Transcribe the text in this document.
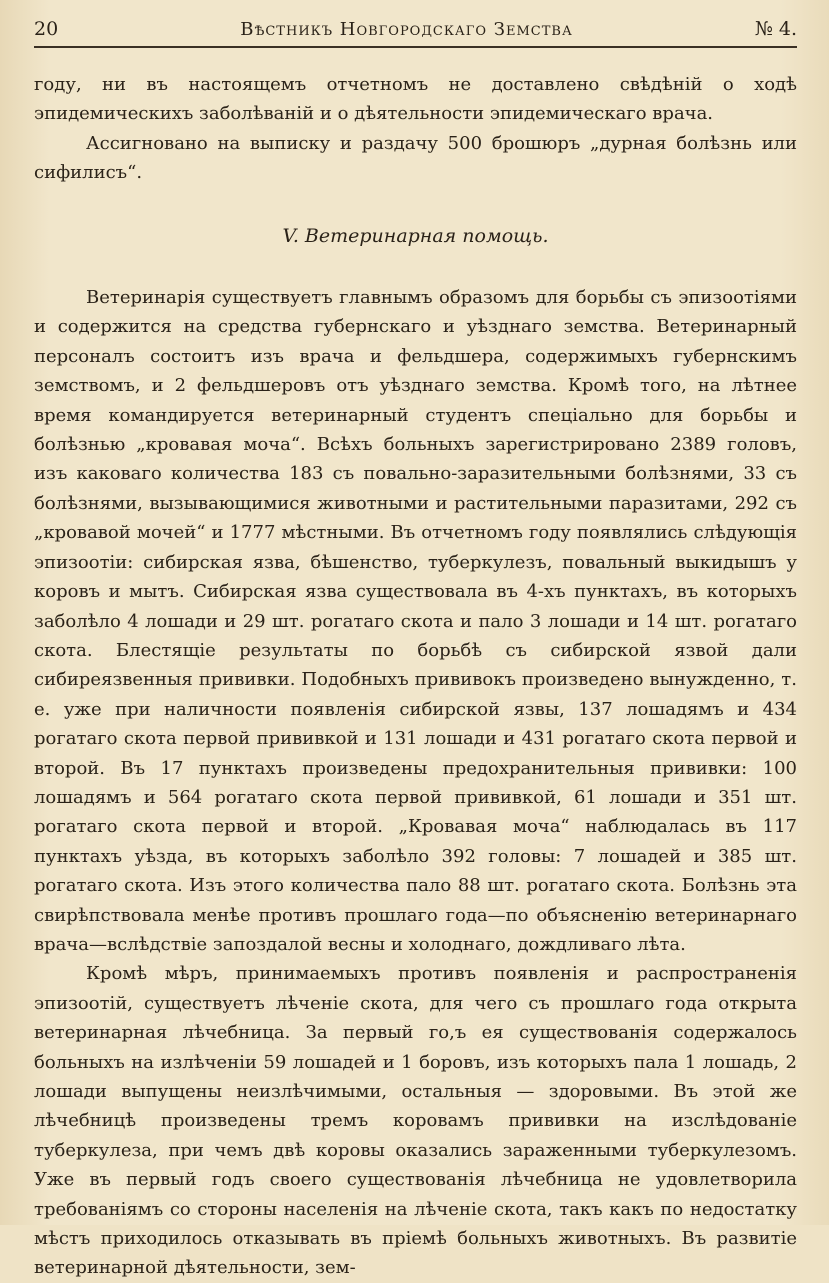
20	Вѣстникъ Новгородскаго Земства	№ 4.

году, ни въ настоящемъ отчетномъ не доставлено свѣдѣній о ходѣ эпидемическихъ заболѣваній и о дѣятельности эпидемическаго врача.

Ассигновано на выписку и раздачу 500 брошюръ „дурная болѣзнь или сифилисъ“.

V. Ветеринарная помощь.

Ветеринарія существуетъ главнымъ образомъ для борьбы съ эпизоотіями и содержится на средства губернскаго и уѣзднаго земства. Ветеринарный персоналъ состоитъ изъ врача и фельдшера, содержимыхъ губернскимъ земствомъ, и 2 фельдшеровъ отъ уѣзднаго земства. Кромѣ того, на лѣтнее время командируется ветеринарный студентъ спеціально для борьбы и болѣзнью „кровавая моча“. Всѣхъ больныхъ зарегистрировано 2389 головъ, изъ каковаго количества 183 съ повально-заразительными болѣзнями, 33 съ болѣзнями, вызывающимися животными и растительными паразитами, 292 съ „кровавой мочей“ и 1777 мѣстными. Въ отчетномъ году появлялись слѣдующія эпизоотіи: сибирская язва, бѣшенство, туберкулезъ, повальный выкидышъ у коровъ и мытъ. Сибирская язва существовала въ 4-хъ пунктахъ, въ которыхъ заболѣло 4 лошади и 29 шт. рогатаго скота и пало 3 лошади и 14 шт. рогатаго скота. Блестящіе результаты по борьбѣ съ сибирской язвой дали сибиреязвенныя прививки. Подобныхъ прививокъ произведено вынужденно, т. е. уже при наличности появленія сибирской язвы, 137 лошадямъ и 434 рогатаго скота первой прививкой и 131 лошади и 431 рогатаго скота первой и второй. Въ 17 пунктахъ произведены предохранительныя прививки: 100 лошадямъ и 564 рогатаго скота первой прививкой, 61 лошади и 351 шт. рогатаго скота первой и второй. „Кровавая моча“ наблюдалась въ 117 пунктахъ уѣзда, въ которыхъ заболѣло 392 головы: 7 лошадей и 385 шт. рогатаго скота. Изъ этого количества пало 88 шт. рогатаго скота. Болѣзнь эта свирѣпствовала менѣе противъ прошлаго года—по объясненію ветеринарнаго врача—вслѣдствіе запоздалой весны и холоднаго, дождливаго лѣта.

Кромѣ мѣръ, принимаемыхъ противъ появленія и распространенія эпизоотій, существуетъ лѣченіе скота, для чего съ прошлаго года открыта ветеринарная лѣчебница. За первый го,ъ ея существованія содержалось больныхъ на излѣченіи 59 лошадей и 1 боровъ, изъ которыхъ пала 1 лошадь, 2 лошади выпущены неизлѣчимыми, остальныя — здоровыми. Въ этой же лѣчебницѣ произведены тремъ коровамъ прививки на изслѣдованіе туберкулеза, при чемъ двѣ коровы оказались зараженными туберкулезомъ. Уже въ первый годъ своего существованія лѣчебница не удовлетворила требованіямъ со стороны населенія на лѣченіе скота, такъ какъ по недостатку мѣстъ приходилось отказывать въ пріемѣ больныхъ животныхъ. Въ развитіе ветеринарной дѣятельности, зем-
